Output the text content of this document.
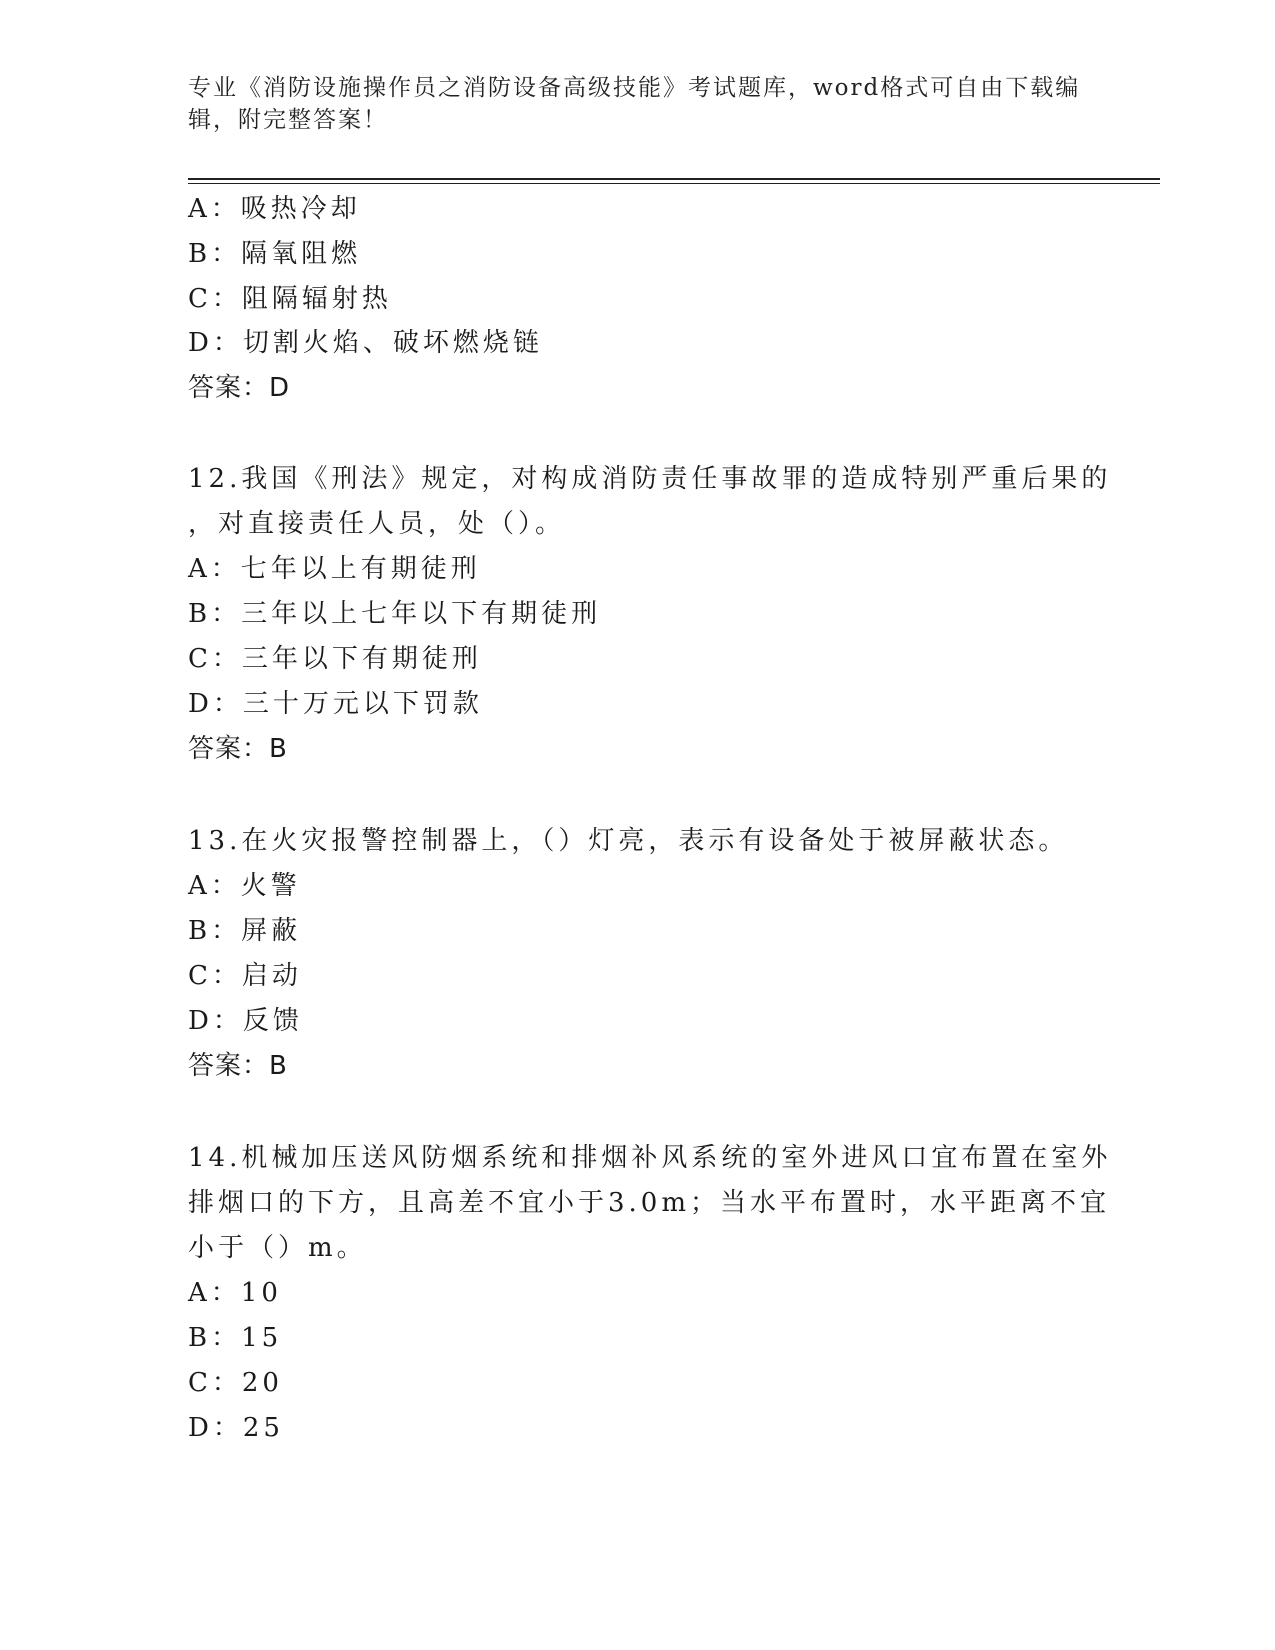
专业《消防设施操作员之消防设备高级技能》考试题库，word格式可自由下载编
辑，附完整答案！
A：吸热冷却
B：隔氧阻燃
C：阻隔辐射热
D：切割火焰、破坏燃烧链
答案：D
12.我国《刑法》规定，对构成消防责任事故罪的造成特别严重后果的
，对直接责任人员，处（）。
A：七年以上有期徒刑
B：三年以上七年以下有期徒刑
C：三年以下有期徒刑
D：三十万元以下罚款
答案：B
13.在火灾报警控制器上，（）灯亮，表示有设备处于被屏蔽状态。
A：火警
B：屏蔽
C：启动
D：反馈
答案：B
14.机械加压送风防烟系统和排烟补风系统的室外进风口宜布置在室外
排烟口的下方，且高差不宜小于3.0m；当水平布置时，水平距离不宜
小于（）m。
A：10
B：15
C：20
D：25
